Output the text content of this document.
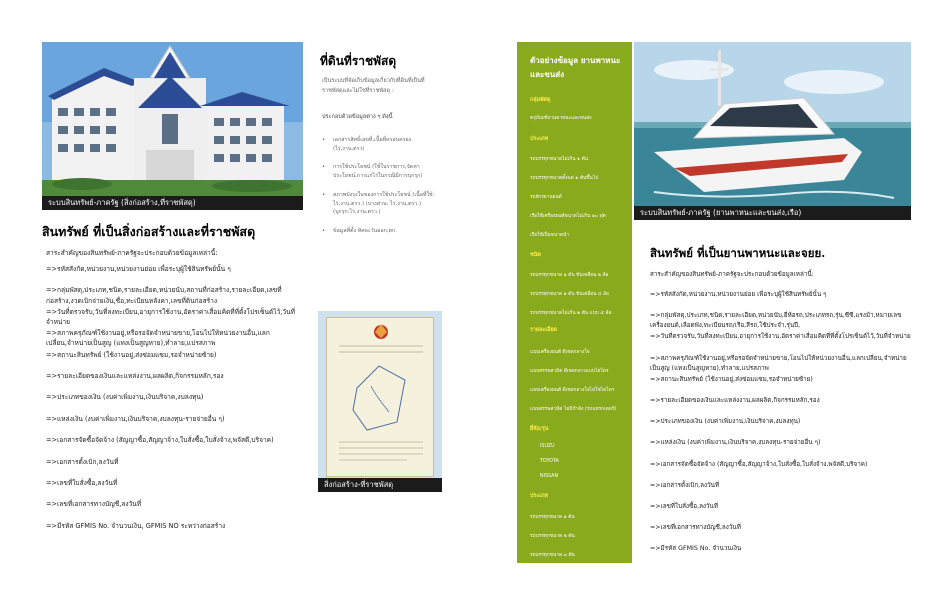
ระบบสินทรัพย์-ภาครัฐ (สิ่งก่อสร้าง,ที่ราชพัสดุ)
สินทรัพย์ ที่เป็นสิ่งก่อสร้างและที่ราชพัสดุ
สาระสำคัญของสินทรัพย์-ภาครัฐจะประกอบด้วยข้อมูลเหล่านี้:
=>รหัสสังกัด,หน่วยงาน,หน่วยงานย่อย เพื่อระบุผู้ใช้สินทรัพย์นั้น ๆ
=>กลุ่มพัสดุ,ประเภท,ชนิด,รายละเอียด,หน่วยนับ,สถานที่ก่อสร้าง,รายละเอียด,เลขที่ก่อสร้าง,งวดเบิกจ่ายเงิน,ชื่อ,ทะเบียนหลังคา,เลขที่ดินก่อสร้าง
=>วันที่ตรวจรับ,วันที่ลงทะเบียน,อายุการใช้งาน,อัตราค่าเสื่อมคิดที่ที่ตั้งโปรเซ็นต์ไว้,วันที่จำหน่าย
=>สภาพครุภัณฑ์ใช้งานอยู่,หรือรอจัดจำหน่ายขาย,โอนไปให้หน่วยงานอื่น,แลกเปลี่ยน,จำหน่ายเป็นสูญ (แทงเป็นสูญหาย),ทำลาย,แปรสภาพ
=>สถานะสินทรัพย์ (ใช้งานอยู่,ส่งซ่อมแซม,รอจำหน่ายซ้าย)
=>รายละเอียดของเงินและแหล่งงาน,ผลผลิต,กิจกรรมหลัก,รอง
=>ประเภทของเงิน (งบค่าเพิ่มงาน,เงินบริจาค,งบลงทุน)
=>แหล่งเงิน (งบค่าเพิ่มงาน,เงินบริจาค,งบลงทุน-รายจ่ายอื่น ๆ)
=>เอกสารจัดซื้อจัดจ้าง (สัญญาซื้อ,สัญญาจ้าง,ใบสั่งซื้อ,ใบสั่งจ้าง,พจัสดี,บริจาค)
=>เอกสารตั้งเบิก,ลงวันที่
=>เลขที่ใบสั่งซื้อ,ลงวันที่
=>เลขที่เอกสารทางบัญชี,ลงวันที่
=>มีรหัส GFMIS No. จำนวนเงิน, GFMIS NO ระหว่างก่อสร้าง
ที่ดินที่ราชพัสดุ
เป็นระบบที่จัดเก็บข้อมูลเกี่ยวกับที่ดินที่เป็นที่ราชพัสดุและไม่ใช่ที่ราชพัสดุ :
ประกอบด้วยข้อมูลต่าง ๆ ดังนี้
• เอกสารสิทธิ์เลขที่,เนื้อที่ครอบครอง (ไร่,งาน,ตรว)
• การใช้ประโยชน์ (ใช้ในราชการ,จัดหาประโยชน์,การแก่ไร่ในกรณีมีการบุกรุก)
• สภาพบังรุงในของการใช้ประโยชน์ (เนื้อที่ใช้: ไร่,งาน,ตรว.) (บางส่วน: ไร่,งาน,ตรว.) (บุกรุก:ไร่,งาน,ตรว.)
• ข้อมูลที่ตั้ง ทิศละวันออก,ตก.
สิ่งก่อสร้าง-ที่ราชพัสดุ
ตัวอย่างข้อมูล ยานพาหนะและขนส่ง
กลุ่มพัสดุ
ครุภัณฑ์ยานพาหนะและขนส่ง
ประเภท
รถบรรทุกขนาดไม่เกิน ๑ ตัน
รถบรรทุกขนาดตั้งแต่ ๑ ตันขึ้นไป
รถจักรยานยนต์
เรือใช้เครื่องยนต์ขนาดไม่เกิน ๑๐ ฟุต
เรือใช้เป็นขนาดนำ
ชนิด
รถบรรทุกขนาด ๑ ตัน ขับเคลื่อน ๒ ล้อ
รถบรรทุกขนาด ๑ ตัน ขับเคลื่อน ๔ ล้อ
รถบรรทุกขนาดไม่เกิน ๒ ตัน แบบ ๔ ล้อ
รายละเอียด
แบบเครื่องยนต์ ดีเซลกลางใจ
แบบสรรพสามิต ดีเซลกลางแบบไฮโดร
แบบเครื่องยนต์ ดีเซลกลางใจไม่ใช่ไฮโดร
แบบสรรพสามิต ไม่มีกำลัง (รถแทรกเตอร์)
ยี่ห้อ/รุ่น
ISUZU
TOYOTA
NISSAN
ประเภท
รถบรรทุกขนาด ๑ ตัน
รถบรรทุกขนาด ๒ ตัน
รถบรรทุกขนาด ๓ ตัน
ระบบสินทรัพย์-ภาครัฐ (ยานพาหนะและขนส่ง,เรือ)
สินทรัพย์ ที่เป็นยานพาหนะและจยย.
สาระสำคัญของสินทรัพย์-ภาครัฐจะประกอบด้วยข้อมูลเหล่านี้:
=>รหัสสังกัด,หน่วยงาน,หน่วยงานย่อย เพื่อระบุผู้ใช้สินทรัพย์นั้น ๆ
=>กลุ่มพัสดุ,ประเภท,ชนิด,รายละเอียด,หน่วยนับ,ยี่ห้อรถ,ประเภทรถ,รุ่น,ซีซี,แรงม้า,หมายเลขเครื่องยนต์,เลือดพัง,ทะเบียนรถ/เรือ,สีรถ,ใช้ประจำ,รุ่นปี,
=>วันที่ตรวจรับ,วันที่ลงทะเบียน,อายุการใช้งาน,อัตราค่าเสื่อมคิดที่ที่ตั้งโปรเซ็นต์ไว้,วันที่จำหน่าย
=>สภาพครุภัณฑ์ใช้งานอยู่,หรือรอจัดจำหน่ายขาย,โอนไปให้หน่วยงานอื่น,แลกเปลี่ยน,จำหน่ายเป็นสูญ (แทงเป็นสูญหาย),ทำลาย,แปรสภาพ
=>สถานะสินทรัพย์ (ใช้งานอยู่,ส่งซ่อมแซม,รอจำหน่ายซ้าย)
=>รายละเอียดของเงินและแหล่งงาน,ผลผลิต,กิจกรรมหลัก,รอง
=>ประเภทของเงิน (งบค่าเพิ่มงาน,เงินบริจาค,งบลงทุน)
=>แหล่งเงิน (งบค่าเพิ่มงาน,เงินบริจาค,งบลงทุน-รายจ่ายอื่น ๆ)
=>เอกสารจัดซื้อจัดจ้าง (สัญญาซื้อ,สัญญาจ้าง,ใบสั่งซื้อ,ใบสั่งจ้าง,พจัสดี,บริจาค)
=>เอกสารตั้งเบิก,ลงวันที่
=>เลขที่ใบสั่งซื้อ,ลงวันที่
=>เลขที่เอกสารทางบัญชี,ลงวันที่
=>มีรหัส GFMIS No. จำนวนเงิน
